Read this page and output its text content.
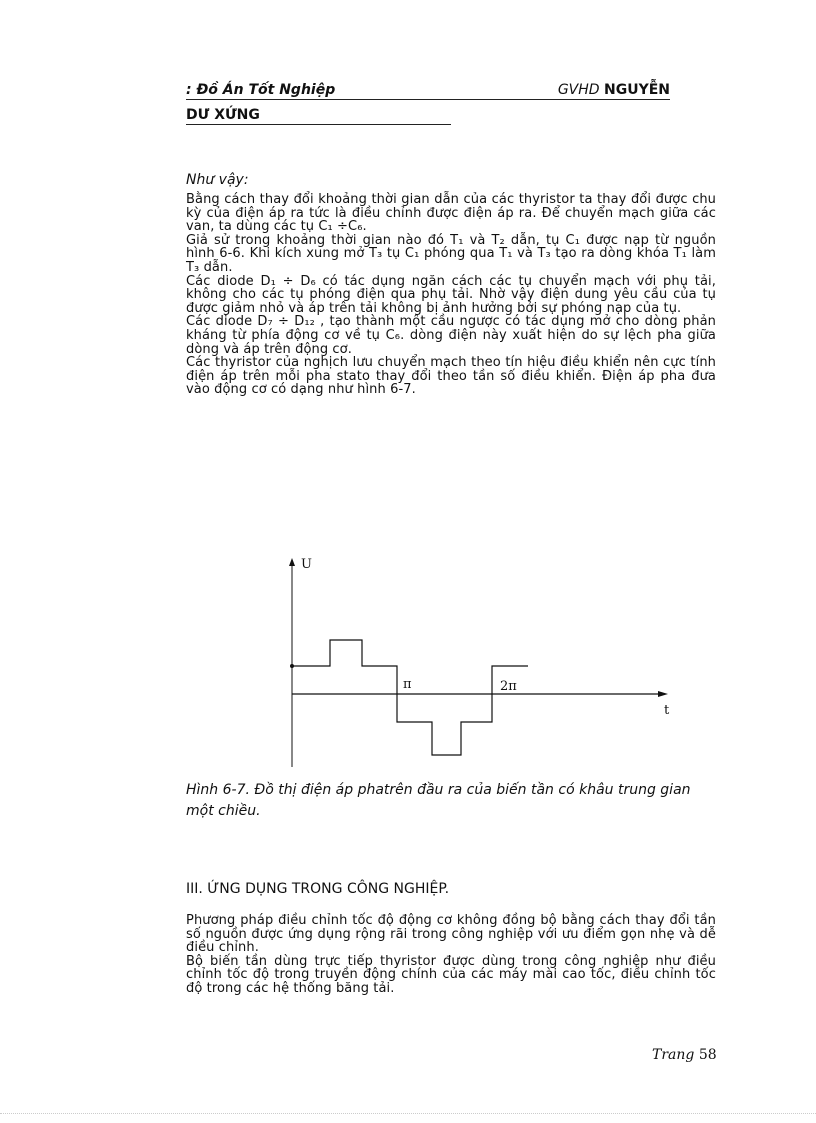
: Đồ Án Tốt Nghiệp	GVHD NGUYỄN
DƯ XỨNG
Như vậy:

Bằng cách thay đổi khoảng thời gian dẫn của các thyristor ta thay đổi được chu kỳ của điện áp ra tức là điều chỉnh được điện áp ra. Để chuyển mạch giữa các van, ta dùng các tụ C₁ ÷C₆.

Giả sử trong khoảng thời gian nào đó T₁ và T₂ dẫn, tụ C₁ được nạp từ nguồn hình 6-6. Khi kích xung mở T₃ tụ C₁ phóng qua T₁ và T₃ tạo ra dòng khóa T₁ làm T₃ dẫn.

Các diode D₁ ÷ D₆ có tác dụng ngăn cách các tụ chuyển mạch với phụ tải, không cho các tụ phóng điện qua phụ tải. Nhờ vậy điện dung yêu cầu của tụ được giảm nhỏ và áp trên tải không bị ảnh hưởng bởi sự phóng nạp của tụ.

Các diode D₇ ÷ D₁₂ , tạo thành một cầu ngược có tác dụng mở cho dòng phản kháng từ phía động cơ về tụ C₆. dòng điện này xuất hiện do sự lệch pha giữa dòng và áp trên động cơ.

Các thyristor của nghịch lưu chuyển mạch theo tín hiệu điều khiển nên cực tính điện áp trên mỗi pha stato thay đổi theo tần số điều khiển. Điện áp pha đưa vào động cơ có dạng như hình 6-7.

U
t
π	2π
Hình 6-7. Đồ thị điện áp phatrên đầu ra của biến tần có khâu trung gian một chiều.
III. ỨNG DỤNG TRONG CÔNG NGHIỆP.

Phương pháp điều chỉnh tốc độ động cơ không đồng bộ bằng cách thay đổi tần số nguồn được ứng dụng rộng rãi trong công nghiệp với ưu điểm gọn nhẹ và dễ điều chỉnh.

Bộ biến tần dùng trực tiếp thyristor được dùng trong công nghiệp như điều chỉnh tốc độ trong truyền động chính của các máy mài cao tốc, điều chỉnh tốc độ trong các hệ thống băng tải.

Trang 58
